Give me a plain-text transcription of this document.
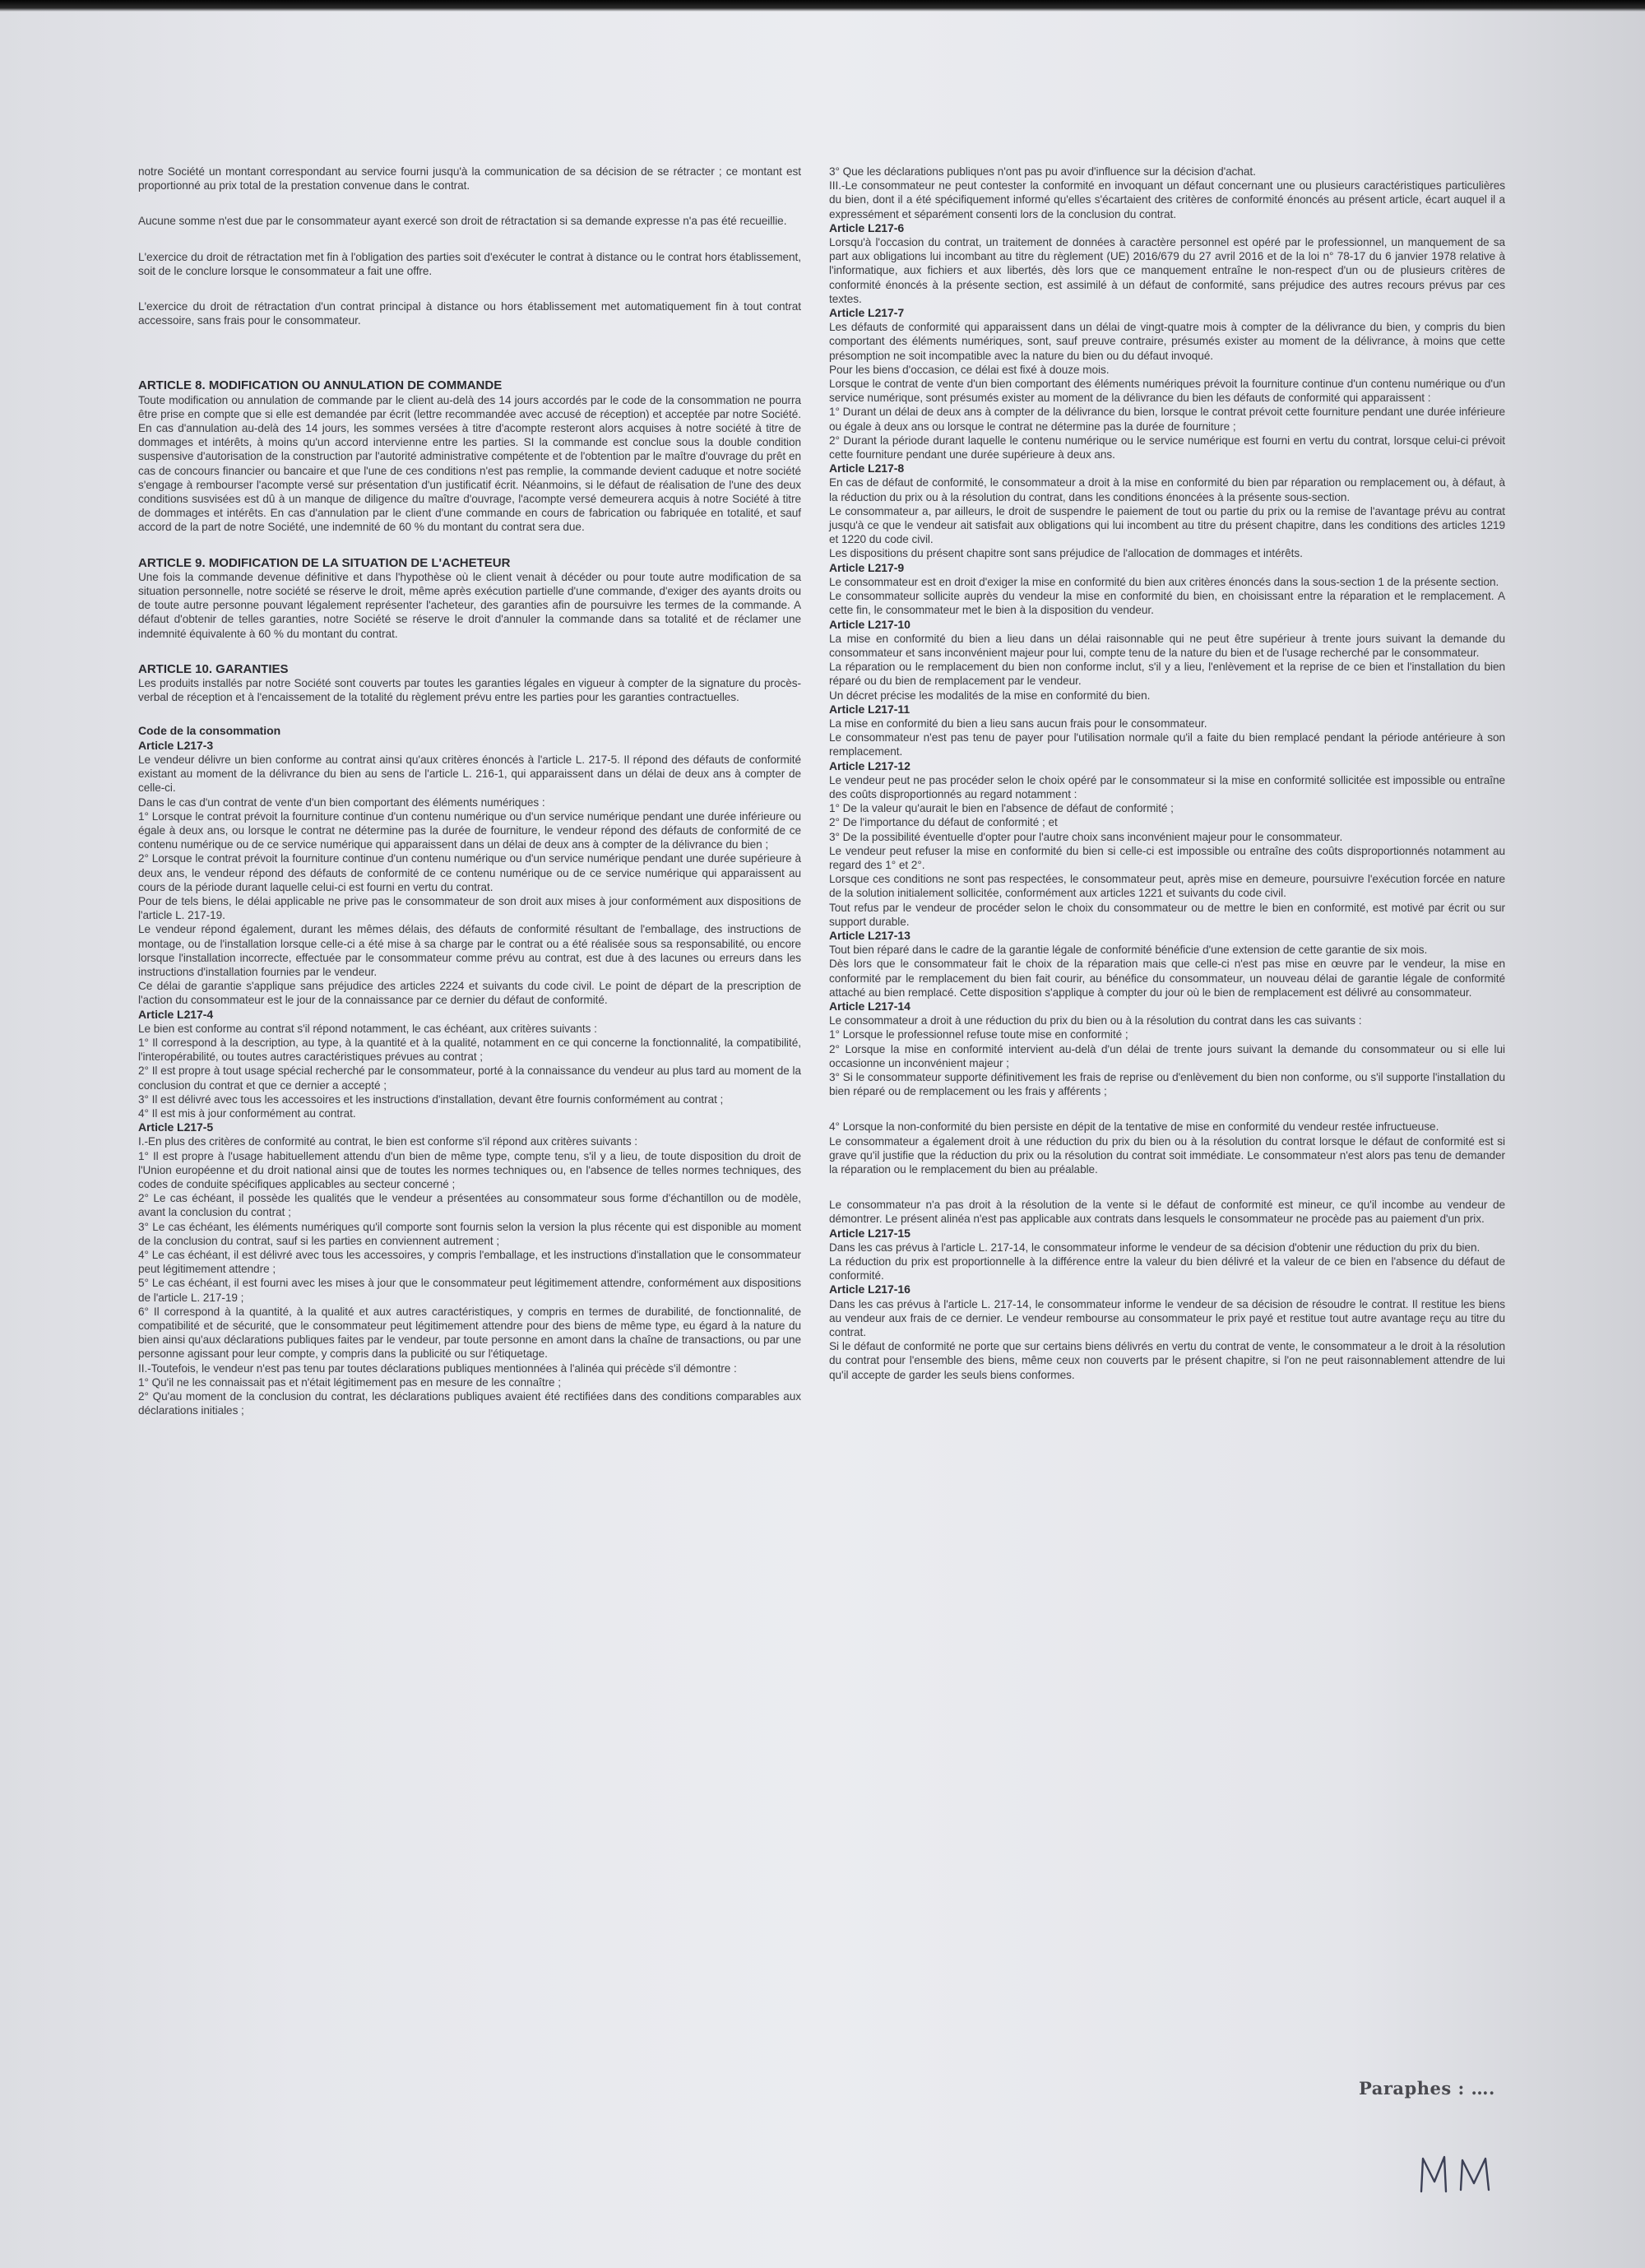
notre Société un montant correspondant au service fourni jusqu'à la communication de sa décision de se rétracter ; ce montant est proportionné au prix total de la prestation convenue dans le contrat.

Aucune somme n'est due par le consommateur ayant exercé son droit de rétractation si sa demande expresse n'a pas été recueillie.

L'exercice du droit de rétractation met fin à l'obligation des parties soit d'exécuter le contrat à distance ou le contrat hors établissement, soit de le conclure lorsque le consommateur a fait une offre.

L'exercice du droit de rétractation d'un contrat principal à distance ou hors établissement met automatiquement fin à tout contrat accessoire, sans frais pour le consommateur.

ARTICLE 8. MODIFICATION OU ANNULATION DE COMMANDE

Toute modification ou annulation de commande par le client au-delà des 14 jours accordés par le code de la consommation ne pourra être prise en compte que si elle est demandée par écrit (lettre recommandée avec accusé de réception) et acceptée par notre Société. En cas d'annulation au-delà des 14 jours, les sommes versées à titre d'acompte resteront alors acquises à notre société à titre de dommages et intérêts, à moins qu'un accord intervienne entre les parties. SI la commande est conclue sous la double condition suspensive d'autorisation de la construction par l'autorité administrative compétente et de l'obtention par le maître d'ouvrage du prêt en cas de concours financier ou bancaire et que l'une de ces conditions n'est pas remplie, la commande devient caduque et notre société s'engage à rembourser l'acompte versé sur présentation d'un justificatif écrit. Néanmoins, si le défaut de réalisation de l'une des deux conditions susvisées est dû à un manque de diligence du maître d'ouvrage, l'acompte versé demeurera acquis à notre Société à titre de dommages et intérêts. En cas d'annulation par le client d'une commande en cours de fabrication ou fabriquée en totalité, et sauf accord de la part de notre Société, une indemnité de 60 % du montant du contrat sera due.

ARTICLE 9. MODIFICATION DE LA SITUATION DE L'ACHETEUR

Une fois la commande devenue définitive et dans l'hypothèse où le client venait à décéder ou pour toute autre modification de sa situation personnelle, notre société se réserve le droit, même après exécution partielle d'une commande, d'exiger des ayants droits ou de toute autre personne pouvant légalement représenter l'acheteur, des garanties afin de poursuivre les termes de la commande. A défaut d'obtenir de telles garanties, notre Société se réserve le droit d'annuler la commande dans sa totalité et de réclamer une indemnité équivalente à 60 % du montant du contrat.

ARTICLE 10. GARANTIES

Les produits installés par notre Société sont couverts par toutes les garanties légales en vigueur à compter de la signature du procès-verbal de réception et à l'encaissement de la totalité du règlement prévu entre les parties pour les garanties contractuelles.

Code de la consommation
Article L217-3

Le vendeur délivre un bien conforme au contrat ainsi qu'aux critères énoncés à l'article L. 217-5. Il répond des défauts de conformité existant au moment de la délivrance du bien au sens de l'article L. 216-1, qui apparaissent dans un délai de deux ans à compter de celle-ci.

Dans le cas d'un contrat de vente d'un bien comportant des éléments numériques :

1° Lorsque le contrat prévoit la fourniture continue d'un contenu numérique ou d'un service numérique pendant une durée inférieure ou égale à deux ans, ou lorsque le contrat ne détermine pas la durée de fourniture, le vendeur répond des défauts de conformité de ce contenu numérique ou de ce service numérique qui apparaissent dans un délai de deux ans à compter de la délivrance du bien ;

2° Lorsque le contrat prévoit la fourniture continue d'un contenu numérique ou d'un service numérique pendant une durée supérieure à deux ans, le vendeur répond des défauts de conformité de ce contenu numérique ou de ce service numérique qui apparaissent au cours de la période durant laquelle celui-ci est fourni en vertu du contrat.

Pour de tels biens, le délai applicable ne prive pas le consommateur de son droit aux mises à jour conformément aux dispositions de l'article L. 217-19.

Le vendeur répond également, durant les mêmes délais, des défauts de conformité résultant de l'emballage, des instructions de montage, ou de l'installation lorsque celle-ci a été mise à sa charge par le contrat ou a été réalisée sous sa responsabilité, ou encore lorsque l'installation incorrecte, effectuée par le consommateur comme prévu au contrat, est due à des lacunes ou erreurs dans les instructions d'installation fournies par le vendeur.

Ce délai de garantie s'applique sans préjudice des articles 2224 et suivants du code civil. Le point de départ de la prescription de l'action du consommateur est le jour de la connaissance par ce dernier du défaut de conformité.

Article L217-4

Le bien est conforme au contrat s'il répond notamment, le cas échéant, aux critères suivants :

1° Il correspond à la description, au type, à la quantité et à la qualité, notamment en ce qui concerne la fonctionnalité, la compatibilité, l'interopérabilité, ou toutes autres caractéristiques prévues au contrat ;

2° Il est propre à tout usage spécial recherché par le consommateur, porté à la connaissance du vendeur au plus tard au moment de la conclusion du contrat et que ce dernier a accepté ;

3° Il est délivré avec tous les accessoires et les instructions d'installation, devant être fournis conformément au contrat ;

4° Il est mis à jour conformément au contrat.

Article L217-5

I.-En plus des critères de conformité au contrat, le bien est conforme s'il répond aux critères suivants :

1° Il est propre à l'usage habituellement attendu d'un bien de même type, compte tenu, s'il y a lieu, de toute disposition du droit de l'Union européenne et du droit national ainsi que de toutes les normes techniques ou, en l'absence de telles normes techniques, des codes de conduite spécifiques applicables au secteur concerné ;

2° Le cas échéant, il possède les qualités que le vendeur a présentées au consommateur sous forme d'échantillon ou de modèle, avant la conclusion du contrat ;

3° Le cas échéant, les éléments numériques qu'il comporte sont fournis selon la version la plus récente qui est disponible au moment de la conclusion du contrat, sauf si les parties en conviennent autrement ;

4° Le cas échéant, il est délivré avec tous les accessoires, y compris l'emballage, et les instructions d'installation que le consommateur peut légitimement attendre ;

5° Le cas échéant, il est fourni avec les mises à jour que le consommateur peut légitimement attendre, conformément aux dispositions de l'article L. 217-19 ;

6° Il correspond à la quantité, à la qualité et aux autres caractéristiques, y compris en termes de durabilité, de fonctionnalité, de compatibilité et de sécurité, que le consommateur peut légitimement attendre pour des biens de même type, eu égard à la nature du bien ainsi qu'aux déclarations publiques faites par le vendeur, par toute personne en amont dans la chaîne de transactions, ou par une personne agissant pour leur compte, y compris dans la publicité ou sur l'étiquetage.

II.-Toutefois, le vendeur n'est pas tenu par toutes déclarations publiques mentionnées à l'alinéa qui précède s'il démontre :

1° Qu'il ne les connaissait pas et n'était légitimement pas en mesure de les connaître ;

2° Qu'au moment de la conclusion du contrat, les déclarations publiques avaient été rectifiées dans des conditions comparables aux déclarations initiales ;

3° Que les déclarations publiques n'ont pas pu avoir d'influence sur la décision d'achat.

III.-Le consommateur ne peut contester la conformité en invoquant un défaut concernant une ou plusieurs caractéristiques particulières du bien, dont il a été spécifiquement informé qu'elles s'écartaient des critères de conformité énoncés au présent article, écart auquel il a expressément et séparément consenti lors de la conclusion du contrat.

Article L217-6

Lorsqu'à l'occasion du contrat, un traitement de données à caractère personnel est opéré par le professionnel, un manquement de sa part aux obligations lui incombant au titre du règlement (UE) 2016/679 du 27 avril 2016 et de la loi n° 78-17 du 6 janvier 1978 relative à l'informatique, aux fichiers et aux libertés, dès lors que ce manquement entraîne le non-respect d'un ou de plusieurs critères de conformité énoncés à la présente section, est assimilé à un défaut de conformité, sans préjudice des autres recours prévus par ces textes.

Article L217-7

Les défauts de conformité qui apparaissent dans un délai de vingt-quatre mois à compter de la délivrance du bien, y compris du bien comportant des éléments numériques, sont, sauf preuve contraire, présumés exister au moment de la délivrance, à moins que cette présomption ne soit incompatible avec la nature du bien ou du défaut invoqué.

Pour les biens d'occasion, ce délai est fixé à douze mois.

Lorsque le contrat de vente d'un bien comportant des éléments numériques prévoit la fourniture continue d'un contenu numérique ou d'un service numérique, sont présumés exister au moment de la délivrance du bien les défauts de conformité qui apparaissent :

1° Durant un délai de deux ans à compter de la délivrance du bien, lorsque le contrat prévoit cette fourniture pendant une durée inférieure ou égale à deux ans ou lorsque le contrat ne détermine pas la durée de fourniture ;

2° Durant la période durant laquelle le contenu numérique ou le service numérique est fourni en vertu du contrat, lorsque celui-ci prévoit cette fourniture pendant une durée supérieure à deux ans.

Article L217-8

En cas de défaut de conformité, le consommateur a droit à la mise en conformité du bien par réparation ou remplacement ou, à défaut, à la réduction du prix ou à la résolution du contrat, dans les conditions énoncées à la présente sous-section.

Le consommateur a, par ailleurs, le droit de suspendre le paiement de tout ou partie du prix ou la remise de l'avantage prévu au contrat jusqu'à ce que le vendeur ait satisfait aux obligations qui lui incombent au titre du présent chapitre, dans les conditions des articles 1219 et 1220 du code civil.

Les dispositions du présent chapitre sont sans préjudice de l'allocation de dommages et intérêts.

Article L217-9

Le consommateur est en droit d'exiger la mise en conformité du bien aux critères énoncés dans la sous-section 1 de la présente section.

Le consommateur sollicite auprès du vendeur la mise en conformité du bien, en choisissant entre la réparation et le remplacement. A cette fin, le consommateur met le bien à la disposition du vendeur.

Article L217-10

La mise en conformité du bien a lieu dans un délai raisonnable qui ne peut être supérieur à trente jours suivant la demande du consommateur et sans inconvénient majeur pour lui, compte tenu de la nature du bien et de l'usage recherché par le consommateur.

La réparation ou le remplacement du bien non conforme inclut, s'il y a lieu, l'enlèvement et la reprise de ce bien et l'installation du bien réparé ou du bien de remplacement par le vendeur.

Un décret précise les modalités de la mise en conformité du bien.

Article L217-11

La mise en conformité du bien a lieu sans aucun frais pour le consommateur.

Le consommateur n'est pas tenu de payer pour l'utilisation normale qu'il a faite du bien remplacé pendant la période antérieure à son remplacement.

Article L217-12

Le vendeur peut ne pas procéder selon le choix opéré par le consommateur si la mise en conformité sollicitée est impossible ou entraîne des coûts disproportionnés au regard notamment :

1° De la valeur qu'aurait le bien en l'absence de défaut de conformité ;

2° De l'importance du défaut de conformité ; et

3° De la possibilité éventuelle d'opter pour l'autre choix sans inconvénient majeur pour le consommateur.

Le vendeur peut refuser la mise en conformité du bien si celle-ci est impossible ou entraîne des coûts disproportionnés notamment au regard des 1° et 2°.

Lorsque ces conditions ne sont pas respectées, le consommateur peut, après mise en demeure, poursuivre l'exécution forcée en nature de la solution initialement sollicitée, conformément aux articles 1221 et suivants du code civil.

Tout refus par le vendeur de procéder selon le choix du consommateur ou de mettre le bien en conformité, est motivé par écrit ou sur support durable.

Article L217-13

Tout bien réparé dans le cadre de la garantie légale de conformité bénéficie d'une extension de cette garantie de six mois.

Dès lors que le consommateur fait le choix de la réparation mais que celle-ci n'est pas mise en œuvre par le vendeur, la mise en conformité par le remplacement du bien fait courir, au bénéfice du consommateur, un nouveau délai de garantie légale de conformité attaché au bien remplacé. Cette disposition s'applique à compter du jour où le bien de remplacement est délivré au consommateur.

Article L217-14

Le consommateur a droit à une réduction du prix du bien ou à la résolution du contrat dans les cas suivants :

1° Lorsque le professionnel refuse toute mise en conformité ;

2° Lorsque la mise en conformité intervient au-delà d'un délai de trente jours suivant la demande du consommateur ou si elle lui occasionne un inconvénient majeur ;

3° Si le consommateur supporte définitivement les frais de reprise ou d'enlèvement du bien non conforme, ou s'il supporte l'installation du bien réparé ou de remplacement ou les frais y afférents ;

4° Lorsque la non-conformité du bien persiste en dépit de la tentative de mise en conformité du vendeur restée infructueuse.

Le consommateur a également droit à une réduction du prix du bien ou à la résolution du contrat lorsque le défaut de conformité est si grave qu'il justifie que la réduction du prix ou la résolution du contrat soit immédiate. Le consommateur n'est alors pas tenu de demander la réparation ou le remplacement du bien au préalable.

Le consommateur n'a pas droit à la résolution de la vente si le défaut de conformité est mineur, ce qu'il incombe au vendeur de démontrer. Le présent alinéa n'est pas applicable aux contrats dans lesquels le consommateur ne procède pas au paiement d'un prix.

Article L217-15

Dans les cas prévus à l'article L. 217-14, le consommateur informe le vendeur de sa décision d'obtenir une réduction du prix du bien.

La réduction du prix est proportionnelle à la différence entre la valeur du bien délivré et la valeur de ce bien en l'absence du défaut de conformité.

Article L217-16

Dans les cas prévus à l'article L. 217-14, le consommateur informe le vendeur de sa décision de résoudre le contrat. Il restitue les biens au vendeur aux frais de ce dernier. Le vendeur rembourse au consommateur le prix payé et restitue tout autre avantage reçu au titre du contrat.

Si le défaut de conformité ne porte que sur certains biens délivrés en vertu du contrat de vente, le consommateur a le droit à la résolution du contrat pour l'ensemble des biens, même ceux non couverts par le présent chapitre, si l'on ne peut raisonnablement attendre de lui qu'il accepte de garder les seuls biens conformes.

Paraphes : ….
